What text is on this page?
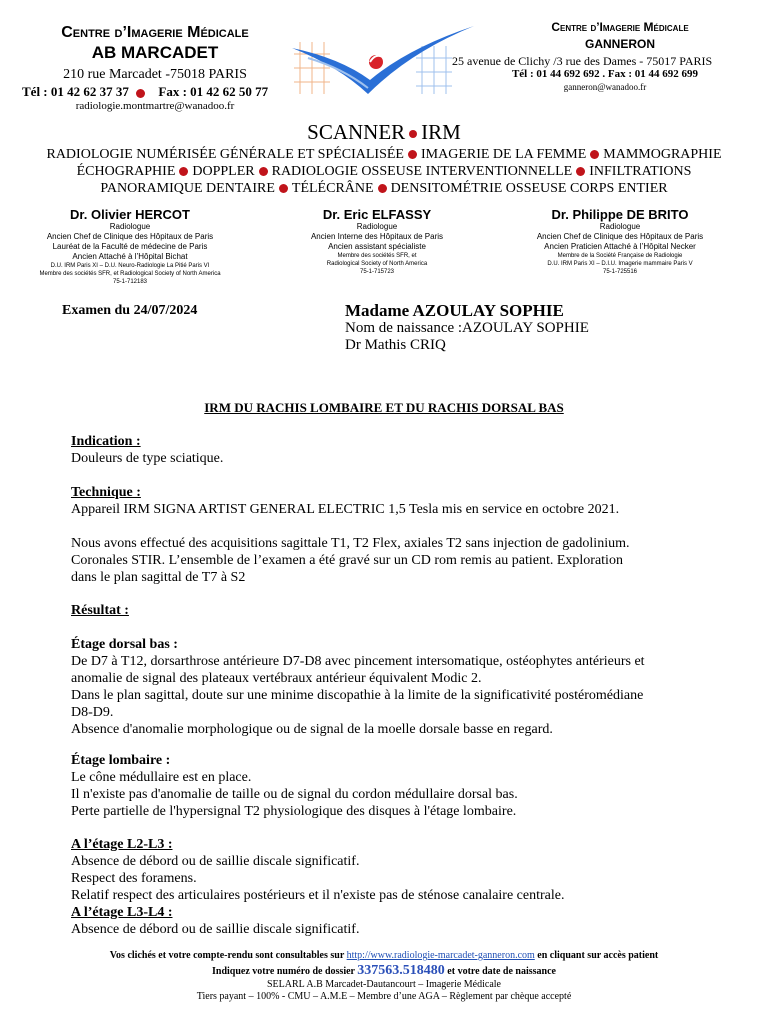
Centre d’Imagerie Médicale
AB MARCADET
210 rue Marcadet -75018 PARIS
Tél : 01 42 62 37 37 Fax : 01 42 62 50 77
radiologie.montmartre@wanadoo.fr
Centre d’Imagerie Médicale
GANNERON
25 avenue de Clichy /3 rue des Dames - 75017 PARIS
Tél : 01 44 692 692 . Fax : 01 44 692 699
ganneron@wanadoo.fr
SCANNER IRM
RADIOLOGIE NUMÉRISÉE GÉNÉRALE ET SPÉCIALISÉE IMAGERIE DE LA FEMME MAMMOGRAPHIE
ÉCHOGRAPHIE DOPPLER RADIOLOGIE OSSEUSE INTERVENTIONNELLE INFILTRATIONS
PANORAMIQUE DENTAIRE TÉLÉCRÂNE DENSITOMÉTRIE OSSEUSE CORPS ENTIER
Dr. Olivier HERCOT
Radiologue
Ancien Chef de Clinique des Hôpitaux de Paris
Lauréat de la Faculté de médecine de Paris
Ancien Attaché à l’Hôpital Bichat
D.U. IRM Paris XI – D.U. Neuro-Radiologie La Pitié Paris VI
Membre des sociétés SFR, et Radiological Society of North America
75-1-712183
Dr. Eric ELFASSY
Radiologue
Ancien Interne des Hôpitaux de Paris
Ancien assistant spécialiste
Membre des sociétés SFR, et
Radiological Society of North America
75-1-715723
Dr. Philippe DE BRITO
Radiologue
Ancien Chef de Clinique des Hôpitaux de Paris
Ancien Praticien Attaché à l’Hôpital Necker
Membre de la Société Française de Radiologie
D.U. IRM Paris XI – D.I.U. Imagerie mammaire Paris V
75-1-725516
Examen du 24/07/2024	Madame AZOULAY SOPHIE
Nom de naissance :AZOULAY SOPHIE
Dr Mathis CRIQ
IRM DU RACHIS LOMBAIRE ET DU RACHIS DORSAL BAS
Indication :
Douleurs de type sciatique.
Technique :
Appareil IRM SIGNA ARTIST GENERAL ELECTRIC 1,5 Tesla mis en service en octobre 2021.
Nous avons effectué des acquisitions sagittale T1, T2 Flex, axiales T2 sans injection de gadolinium. Coronales STIR. L’ensemble de l’examen a été gravé sur un CD rom remis au patient. Exploration dans le plan sagittal de T7 à S2
Résultat :
Étage dorsal bas :
De D7 à T12, dorsarthrose antérieure D7-D8 avec pincement intersomatique, ostéophytes antérieurs et anomalie de signal des plateaux vertébraux antérieur équivalent Modic 2.
Dans le plan sagittal, doute sur une minime discopathie à la limite de la significativité postéromédiane D8-D9.
Absence d'anomalie morphologique ou de signal de la moelle dorsale basse en regard.
Étage lombaire :
Le cône médullaire est en place.
Il n'existe pas d'anomalie de taille ou de signal du cordon médullaire dorsal bas.
Perte partielle de l'hypersignal T2 physiologique des disques à l'étage lombaire.
A l’étage L2-L3 :
Absence de débord ou de saillie discale significatif.
Respect des foramens.
Relatif respect des articulaires postérieurs et il n'existe pas de sténose canalaire centrale.
A l’étage L3-L4 :
Absence de débord ou de saillie discale significatif.
Vos clichés et votre compte-rendu sont consultables sur http://www.radiologie-marcadet-ganneron.com en cliquant sur accès patient
Indiquez votre numéro de dossier 337563.518480 et votre date de naissance
SELARL A.B Marcadet-Dautancourt – Imagerie Médicale
Tiers payant – 100% - CMU – A.M.E – Membre d’une AGA – Règlement par chèque accepté
